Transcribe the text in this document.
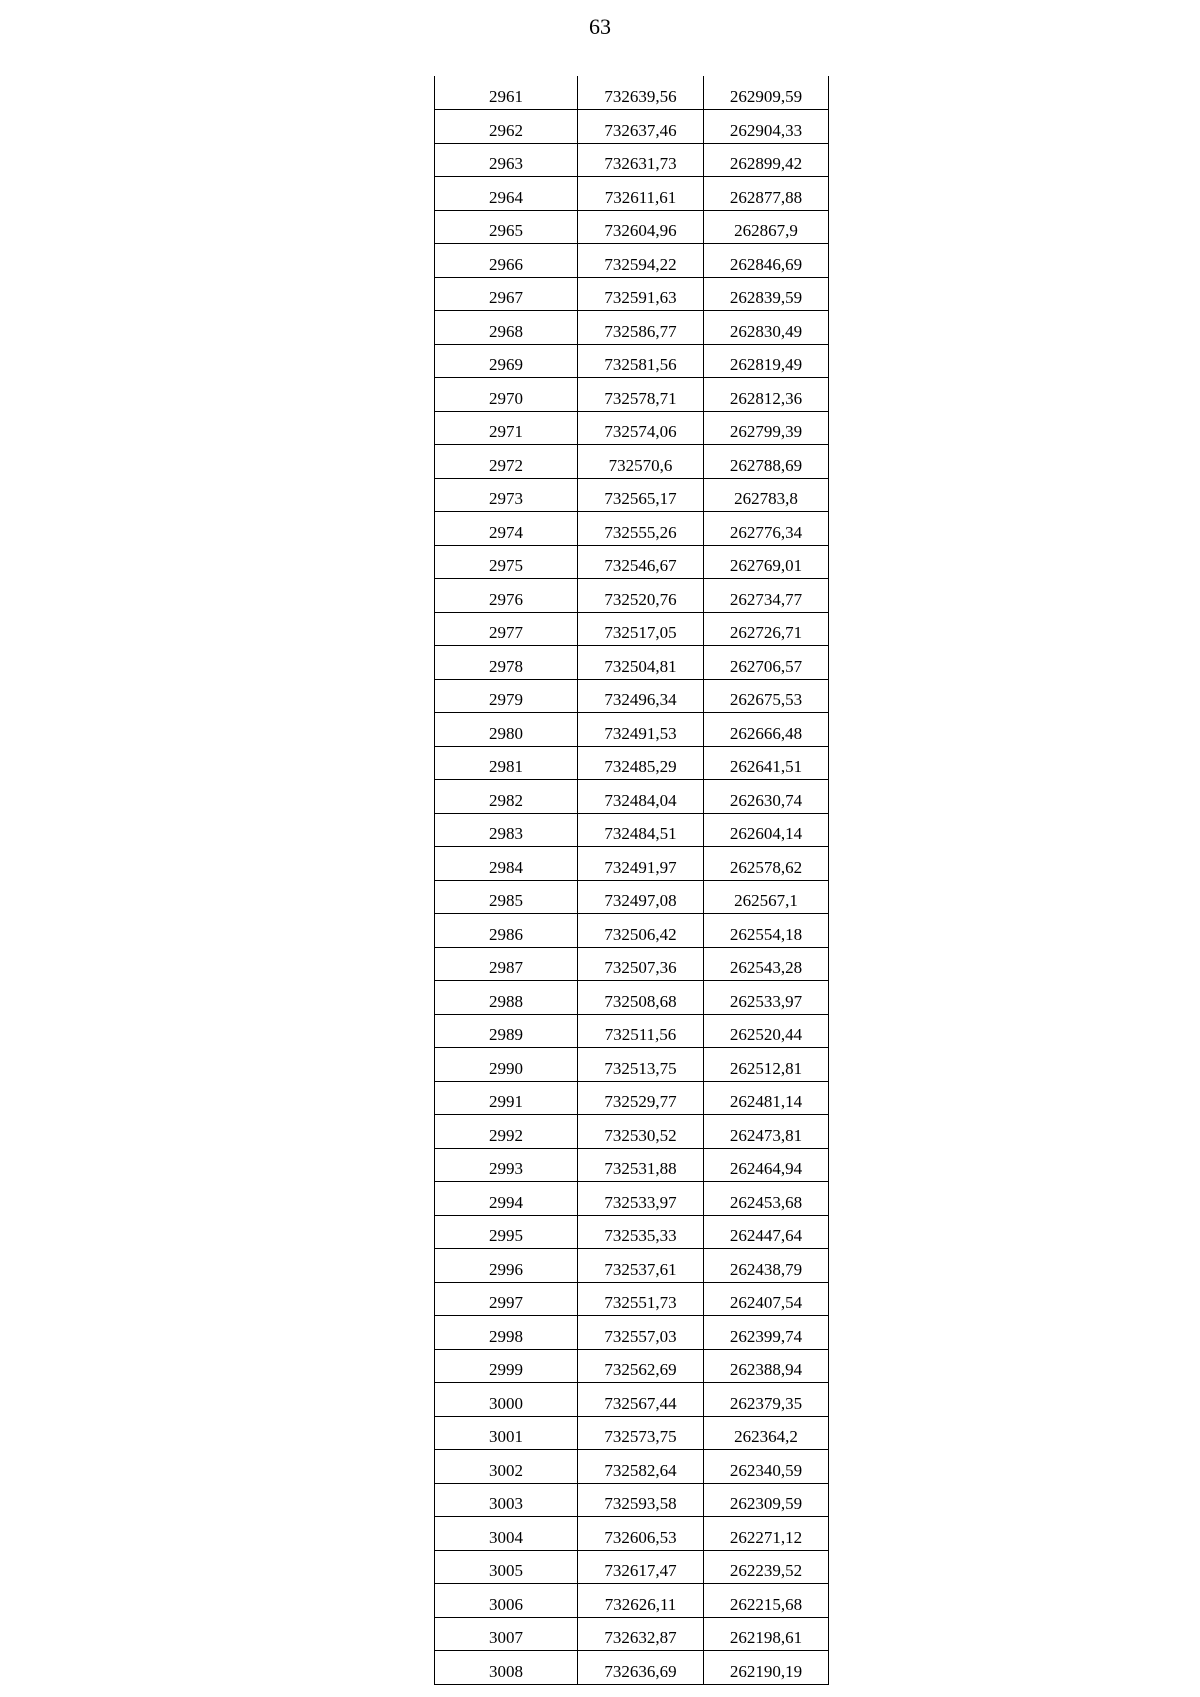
63
2961	732639,56	262909,59
2962	732637,46	262904,33
2963	732631,73	262899,42
2964	732611,61	262877,88
2965	732604,96	262867,9
2966	732594,22	262846,69
2967	732591,63	262839,59
2968	732586,77	262830,49
2969	732581,56	262819,49
2970	732578,71	262812,36
2971	732574,06	262799,39
2972	732570,6	262788,69
2973	732565,17	262783,8
2974	732555,26	262776,34
2975	732546,67	262769,01
2976	732520,76	262734,77
2977	732517,05	262726,71
2978	732504,81	262706,57
2979	732496,34	262675,53
2980	732491,53	262666,48
2981	732485,29	262641,51
2982	732484,04	262630,74
2983	732484,51	262604,14
2984	732491,97	262578,62
2985	732497,08	262567,1
2986	732506,42	262554,18
2987	732507,36	262543,28
2988	732508,68	262533,97
2989	732511,56	262520,44
2990	732513,75	262512,81
2991	732529,77	262481,14
2992	732530,52	262473,81
2993	732531,88	262464,94
2994	732533,97	262453,68
2995	732535,33	262447,64
2996	732537,61	262438,79
2997	732551,73	262407,54
2998	732557,03	262399,74
2999	732562,69	262388,94
3000	732567,44	262379,35
3001	732573,75	262364,2
3002	732582,64	262340,59
3003	732593,58	262309,59
3004	732606,53	262271,12
3005	732617,47	262239,52
3006	732626,11	262215,68
3007	732632,87	262198,61
3008	732636,69	262190,19
